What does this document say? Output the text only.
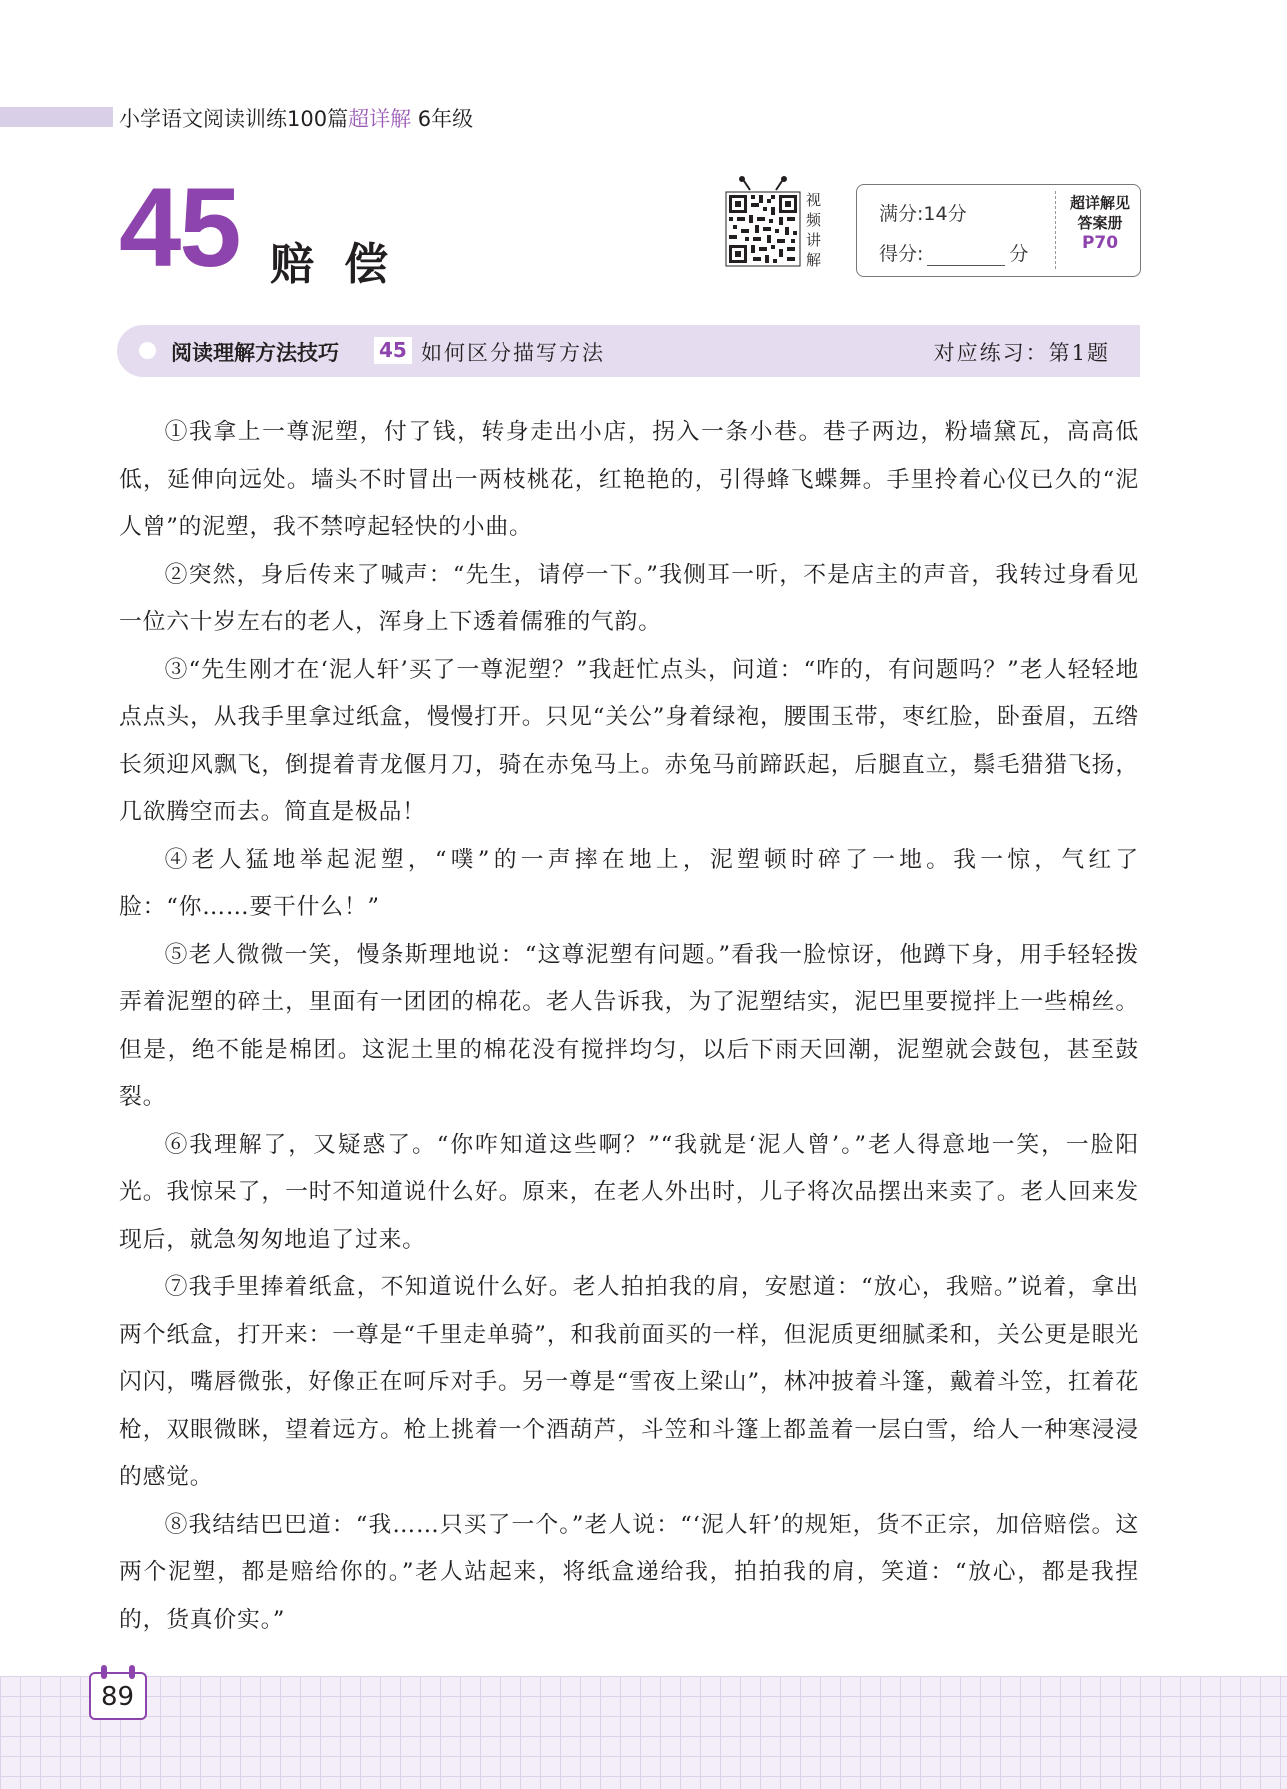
小学语文阅读训练100篇超详解 6年级
45 赔偿
视
频
讲
解
满分:14分
得分:	分
超详解见
答案册
P70
阅读理解方法技巧 45 如何区分描写方法	对应练习：第1题

①我拿上一尊泥塑，付了钱，转身走出小店，拐入一条小巷。巷子两边，粉墙黛瓦，高高低低，延伸向远处。墙头不时冒出一两枝桃花，红艳艳的，引得蜂飞蝶舞。手里拎着心仪已久的“泥人曾”的泥塑，我不禁哼起轻快的小曲。

②突然，身后传来了喊声：“先生，请停一下。”我侧耳一听，不是店主的声音，我转过身看见一位六十岁左右的老人，浑身上下透着儒雅的气韵。

③“先生刚才在‘泥人轩’买了一尊泥塑？”我赶忙点头，问道：“咋的，有问题吗？”老人轻轻地点点头，从我手里拿过纸盒，慢慢打开。只见“关公”身着绿袍，腰围玉带，枣红脸，卧蚕眉，五绺长须迎风飘飞，倒提着青龙偃月刀，骑在赤兔马上。赤兔马前蹄跃起，后腿直立，鬃毛猎猎飞扬，几欲腾空而去。简直是极品！

④老人猛地举起泥塑，“噗”的一声摔在地上，泥塑顿时碎了一地。我一惊，气红了脸：“你……要干什么！”

⑤老人微微一笑，慢条斯理地说：“这尊泥塑有问题。”看我一脸惊讶，他蹲下身，用手轻轻拨弄着泥塑的碎土，里面有一团团的棉花。老人告诉我，为了泥塑结实，泥巴里要搅拌上一些棉丝。但是，绝不能是棉团。这泥土里的棉花没有搅拌均匀，以后下雨天回潮，泥塑就会鼓包，甚至鼓裂。

⑥我理解了，又疑惑了。“你咋知道这些啊？”“我就是‘泥人曾’。”老人得意地一笑，一脸阳光。我惊呆了，一时不知道说什么好。原来，在老人外出时，儿子将次品摆出来卖了。老人回来发现后，就急匆匆地追了过来。

⑦我手里捧着纸盒，不知道说什么好。老人拍拍我的肩，安慰道：“放心，我赔。”说着，拿出两个纸盒，打开来：一尊是“千里走单骑”，和我前面买的一样，但泥质更细腻柔和，关公更是眼光闪闪，嘴唇微张，好像正在呵斥对手。另一尊是“雪夜上梁山”，林冲披着斗篷，戴着斗笠，扛着花枪，双眼微眯，望着远方。枪上挑着一个酒葫芦，斗笠和斗篷上都盖着一层白雪，给人一种寒浸浸的感觉。

⑧我结结巴巴道：“我……只买了一个。”老人说：“‘泥人轩’的规矩，货不正宗，加倍赔偿。这两个泥塑，都是赔给你的。”老人站起来，将纸盒递给我，拍拍我的肩，笑道：“放心，都是我捏的，货真价实。”

89
